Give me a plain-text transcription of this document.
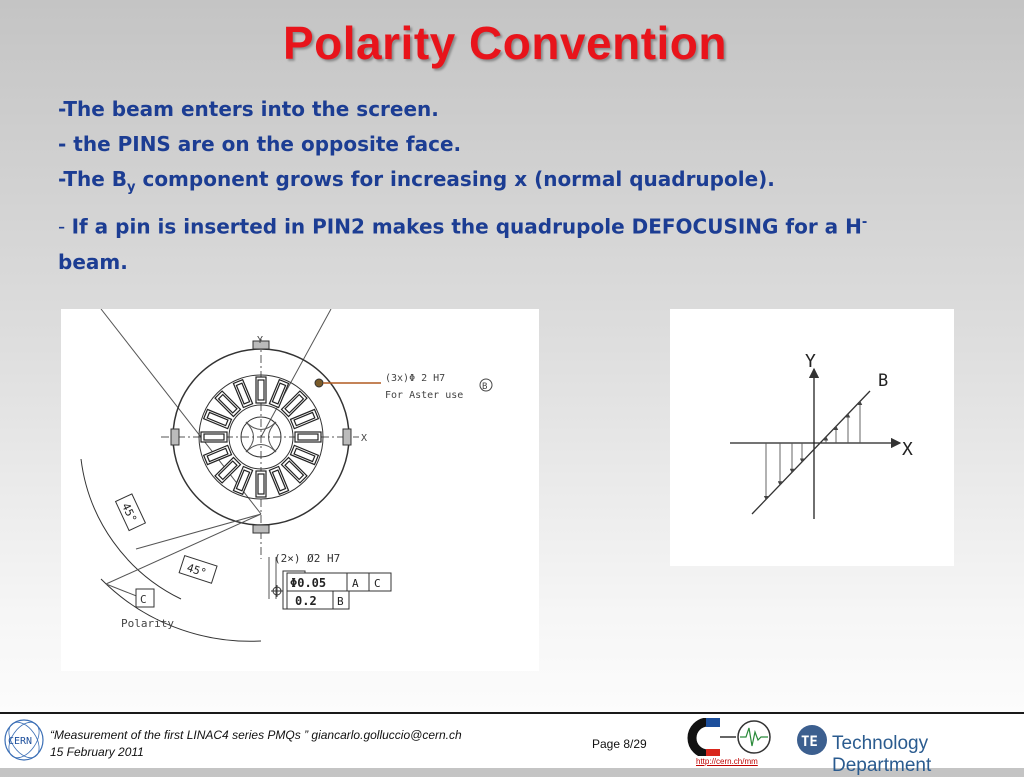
Polarity Convention

-The beam enters into the screen.

- the PINS are on the opposite face.

-The $B_y$ component grows for increasing x (normal quadrupole).

- If a pin is inserted in PIN2 makes the quadrupole DEFOCUSING for a H-

beam.

Y
X
(3x)Φ 2 H7
For Aster use
B
45°
45°
(2×) Ø2 H7
Φ0.05 A C
0.2 B
C
Polarity
Y
X
B
CERN “Measurement of the first LINAC4 series PMQs ” giancarlo.golluccio@cern.ch
15 February 2011
Page 8/29
http://cern.ch/mm
TE Technology Department
